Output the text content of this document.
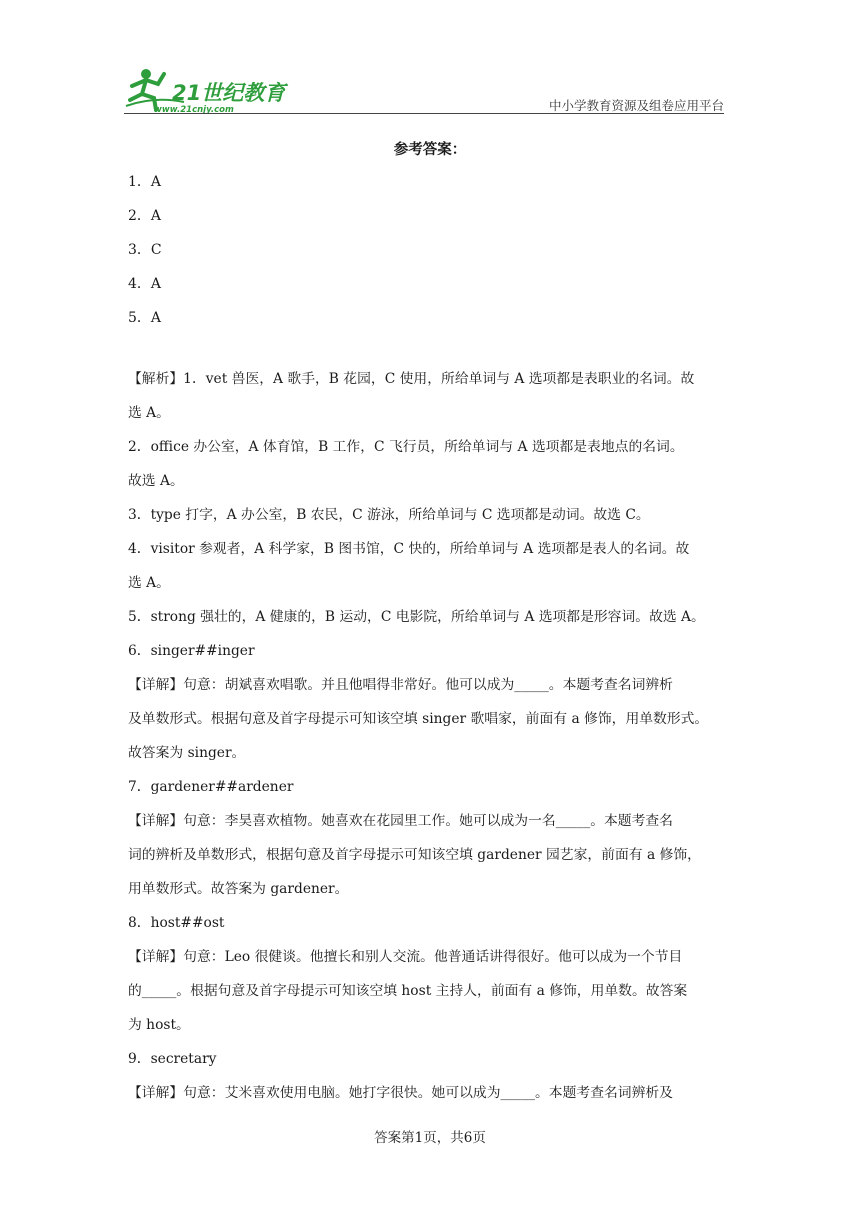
21世纪教育
www.21cnjy.com	中小学教育资源及组卷应用平台
参考答案：
1．A
2．A
3．C
4．A
5．A

【解析】1．vet 兽医，A 歌手，B 花园，C 使用，所给单词与 A 选项都是表职业的名词。故

选 A。

2．office 办公室，A 体育馆，B 工作，C 飞行员，所给单词与 A 选项都是表地点的名词。

故选 A。

3．type 打字，A 办公室，B 农民，C 游泳，所给单词与 C 选项都是动词。故选 C。

4．visitor 参观者，A 科学家，B 图书馆，C 快的，所给单词与 A 选项都是表人的名词。故

选 A。

5．strong 强壮的，A 健康的，B 运动，C 电影院，所给单词与 A 选项都是形容词。故选 A。

6．singer##inger

【详解】句意：胡斌喜欢唱歌。并且他唱得非常好。他可以成为_____。本题考查名词辨析

及单数形式。根据句意及首字母提示可知该空填 singer 歌唱家，前面有 a 修饰，用单数形式。

故答案为 singer。

7．gardener##ardener

【详解】句意：李昊喜欢植物。她喜欢在花园里工作。她可以成为一名_____。本题考查名

词的辨析及单数形式，根据句意及首字母提示可知该空填 gardener 园艺家，前面有 a 修饰，

用单数形式。故答案为 gardener。

8．host##ost

【详解】句意：Leo 很健谈。他擅长和别人交流。他普通话讲得很好。他可以成为一个节目

的_____。根据句意及首字母提示可知该空填 host 主持人，前面有 a 修饰，用单数。故答案

为 host。

9．secretary

【详解】句意：艾米喜欢使用电脑。她打字很快。她可以成为_____。本题考查名词辨析及

答案第1页，共6页
